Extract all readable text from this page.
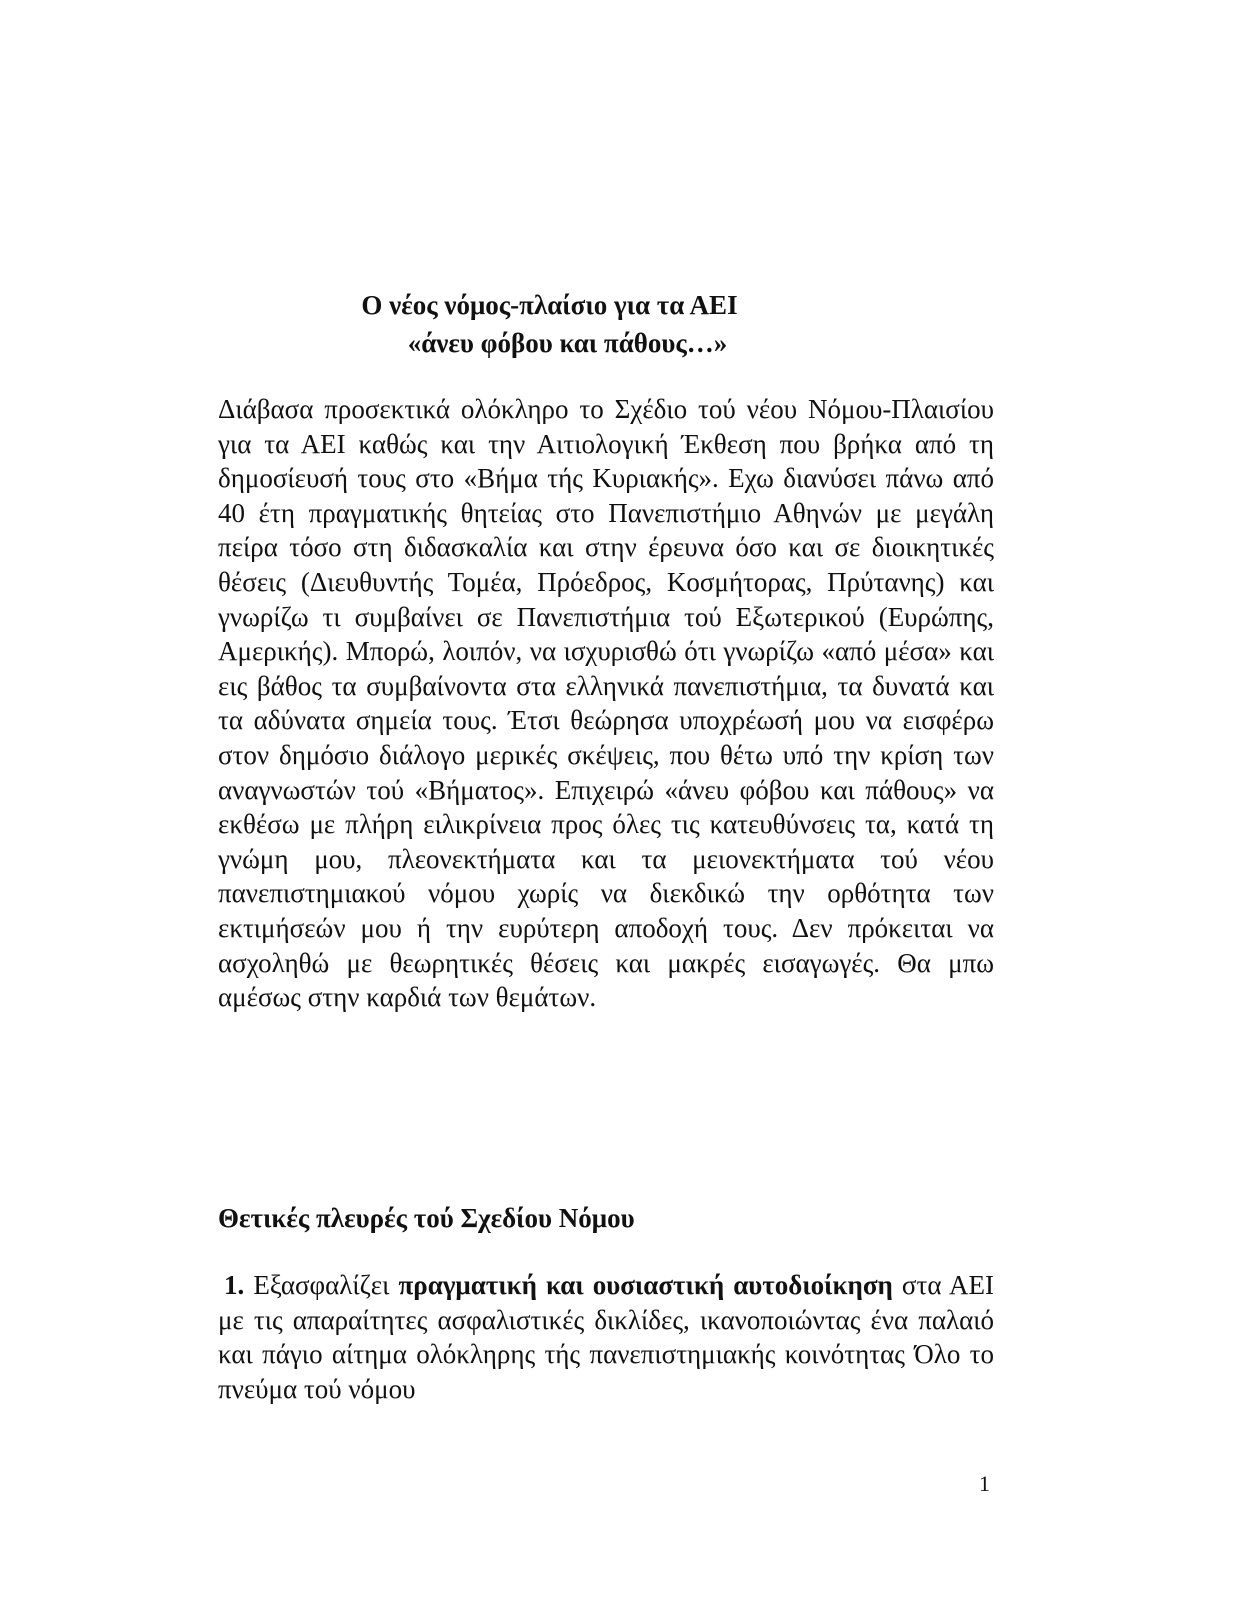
Ο νέος νόμος-πλαίσιο για τα ΑΕΙ
«άνευ φόβου και πάθους…»

Διάβασα προσεκτικά ολόκληρο το Σχέδιο τού νέου Νόμου-Πλαισίου για τα ΑΕΙ καθώς και την Αιτιολογική Έκθεση που βρήκα από τη δημοσίευσή τους στο «Βήμα τής Κυριακής». Εχω διανύσει πάνω από 40 έτη πραγματικής θητείας στο Πανεπιστήμιο Αθηνών με μεγάλη πείρα τόσο στη διδασκαλία και στην έρευνα όσο και σε διοικητικές θέσεις (Διευθυντής Τομέα, Πρόεδρος, Κοσμήτορας, Πρύτανης) και γνωρίζω τι συμβαίνει σε Πανεπιστήμια τού Εξωτερικού (Ευρώπης, Αμερικής). Μπορώ, λοιπόν, να ισχυρισθώ ότι γνωρίζω «από μέσα» και εις βάθος τα συμβαίνοντα στα ελληνικά πανεπιστήμια, τα δυνατά και τα αδύνατα σημεία τους. Έτσι θεώρησα υποχρέωσή μου να εισφέρω στον δημόσιο διάλογο μερικές σκέψεις, που θέτω υπό την κρίση των αναγνωστών τού «Βήματος». Επιχειρώ «άνευ φόβου και πάθους» να εκθέσω με πλήρη ειλικρίνεια προς όλες τις κατευθύνσεις τα, κατά τη γνώμη μου, πλεονεκτήματα και τα μειονεκτήματα τού νέου πανεπιστημιακού νόμου χωρίς να διεκδικώ την ορθότητα των εκτιμήσεών μου ή την ευρύτερη αποδοχή τους. Δεν πρόκειται να ασχοληθώ με θεωρητικές θέσεις και μακρές εισαγωγές. Θα μπω αμέσως στην καρδιά των θεμάτων.

Θετικές πλευρές τού Σχεδίου Νόμου

1. Εξασφαλίζει πραγματική και ουσιαστική αυτοδιοίκηση στα ΑΕΙ με τις απαραίτητες ασφαλιστικές δικλίδες, ικανοποιώντας ένα παλαιό και πάγιο αίτημα ολόκληρης τής πανεπιστημιακής κοινότητας Όλο το πνεύμα τού νόμου

1
